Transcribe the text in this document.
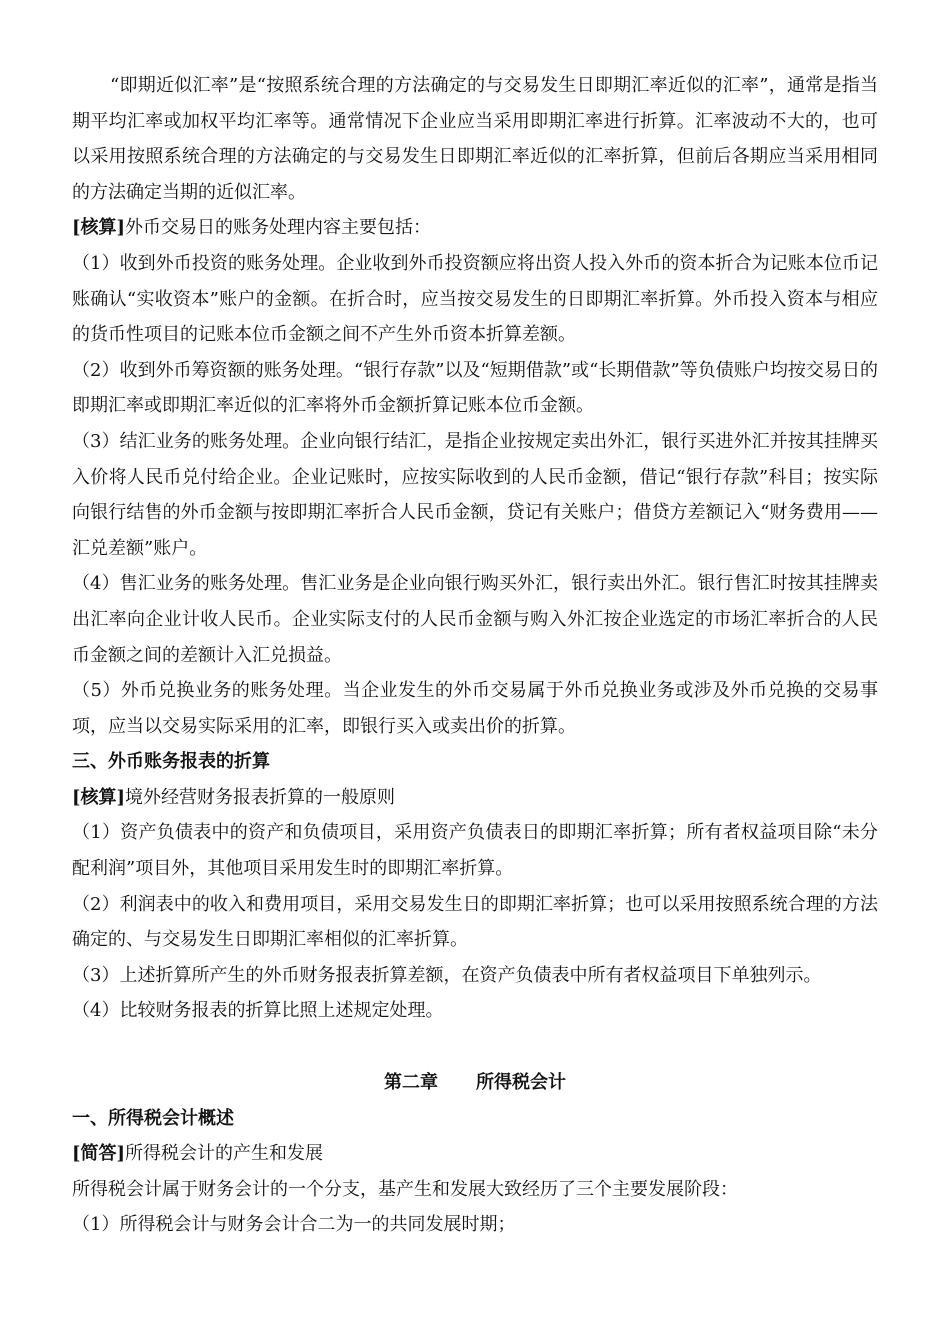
“即期近似汇率”是“按照系统合理的方法确定的与交易发生日即期汇率近似的汇率”，通常是指当期平均汇率或加权平均汇率等。通常情况下企业应当采用即期汇率进行折算。汇率波动不大的，也可以采用按照系统合理的方法确定的与交易发生日即期汇率近似的汇率折算，但前后各期应当采用相同的方法确定当期的近似汇率。

[核算]外币交易日的账务处理内容主要包括：

（1）收到外币投资的账务处理。企业收到外币投资额应将出资人投入外币的资本折合为记账本位币记账确认“实收资本”账户的金额。在折合时，应当按交易发生的日即期汇率折算。外币投入资本与相应的货币性项目的记账本位币金额之间不产生外币资本折算差额。

（2）收到外币筹资额的账务处理。“银行存款”以及“短期借款”或“长期借款”等负债账户均按交易日的即期汇率或即期汇率近似的汇率将外币金额折算记账本位币金额。

（3）结汇业务的账务处理。企业向银行结汇，是指企业按规定卖出外汇，银行买进外汇并按其挂牌买入价将人民币兑付给企业。企业记账时，应按实际收到的人民币金额，借记“银行存款”科目；按实际向银行结售的外币金额与按即期汇率折合人民币金额，贷记有关账户；借贷方差额记入“财务费用——汇兑差额”账户。

（4）售汇业务的账务处理。售汇业务是企业向银行购买外汇，银行卖出外汇。银行售汇时按其挂牌卖出汇率向企业计收人民币。企业实际支付的人民币金额与购入外汇按企业选定的市场汇率折合的人民币金额之间的差额计入汇兑损益。

（5）外币兑换业务的账务处理。当企业发生的外币交易属于外币兑换业务或涉及外币兑换的交易事项，应当以交易实际采用的汇率，即银行买入或卖出价的折算。

三、外币账务报表的折算

[核算]境外经营财务报表折算的一般原则

（1）资产负债表中的资产和负债项目，采用资产负债表日的即期汇率折算；所有者权益项目除“未分配利润”项目外，其他项目采用发生时的即期汇率折算。

（2）利润表中的收入和费用项目，采用交易发生日的即期汇率折算；也可以采用按照系统合理的方法确定的、与交易发生日即期汇率相似的汇率折算。

（3）上述折算所产生的外币财务报表折算差额，在资产负债表中所有者权益项目下单独列示。

（4）比较财务报表的折算比照上述规定处理。

第二章 所得税会计

一、所得税会计概述

[简答]所得税会计的产生和发展

所得税会计属于财务会计的一个分支，基产生和发展大致经历了三个主要发展阶段：

（1）所得税会计与财务会计合二为一的共同发展时期；
